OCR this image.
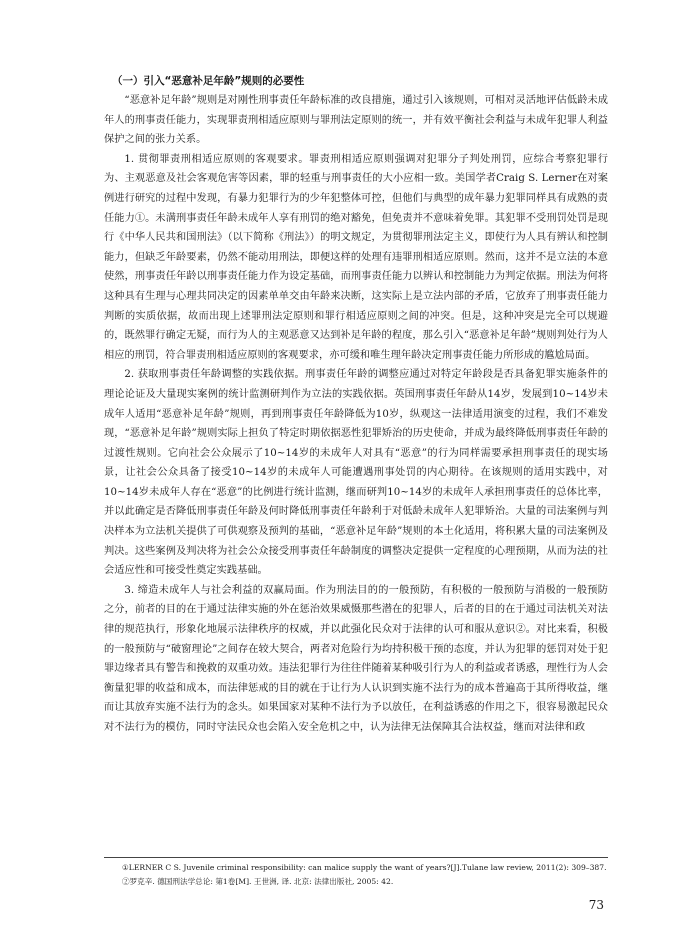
（一）引入“恶意补足年龄”规则的必要性

“恶意补足年龄”规则是对刚性刑事责任年龄标准的改良措施，通过引入该规则，可相对灵活地评估低龄未成年人的刑事责任能力，实现罪责刑相适应原则与罪刑法定原则的统一，并有效平衡社会利益与未成年犯罪人利益保护之间的张力关系。

1. 贯彻罪责刑相适应原则的客观要求。罪责刑相适应原则强调对犯罪分子判处刑罚，应综合考察犯罪行为、主观恶意及社会客观危害等因素，罪的轻重与刑事责任的大小应相一致。美国学者Craig S. Lerner在对案例进行研究的过程中发现，有暴力犯罪行为的少年犯整体可控，但他们与典型的成年暴力犯罪同样具有成熟的责任能力①。未满刑事责任年龄未成年人享有刑罚的绝对豁免，但免责并不意味着免罪。其犯罪不受刑罚处罚是现行《中华人民共和国刑法》（以下简称《刑法》）的明文规定，为贯彻罪刑法定主义，即使行为人具有辨认和控制能力，但缺乏年龄要素，仍然不能动用刑法，即便这样的处理有违罪刑相适应原则。然而，这并不是立法的本意使然，刑事责任年龄以刑事责任能力作为设定基础，而刑事责任能力以辨认和控制能力为判定依据。刑法为何将这种具有生理与心理共同决定的因素单单交由年龄来决断，这实际上是立法内部的矛盾，它放弃了刑事责任能力判断的实质依据，故而出现上述罪刑法定原则和罪行相适应原则之间的冲突。但是，这种冲突是完全可以规避的，既然罪行确定无疑，而行为人的主观恶意又达到补足年龄的程度，那么引入“恶意补足年龄”规则判处行为人相应的刑罚，符合罪责刑相适应原则的客观要求，亦可缓和唯生理年龄决定刑事责任能力所形成的尴尬局面。

2. 获取刑事责任年龄调整的实践依据。刑事责任年龄的调整应通过对特定年龄段是否具备犯罪实施条件的理论论证及大量现实案例的统计监测研判作为立法的实践依据。英国刑事责任年龄从14岁，发展到10~14岁未成年人适用“恶意补足年龄”规则，再到刑事责任年龄降低为10岁，纵观这一法律适用演变的过程，我们不难发现，“恶意补足年龄”规则实际上担负了特定时期依据恶性犯罪矫治的历史使命，并成为最终降低刑事责任年龄的过渡性规则。它向社会公众展示了10~14岁的未成年人对具有“恶意”的行为同样需要承担刑事责任的现实场景，让社会公众具备了接受10~14岁的未成年人可能遭遇刑事处罚的内心期待。在该规则的适用实践中，对10~14岁未成年人存在“恶意”的比例进行统计监测，继而研判10~14岁的未成年人承担刑事责任的总体比率，并以此确定是否降低刑事责任年龄及何时降低刑事责任年龄利于对低龄未成年人犯罪矫治。大量的司法案例与判决样本为立法机关提供了可供观察及预判的基础，“恶意补足年龄”规则的本土化适用，将积累大量的司法案例及判决。这些案例及判决将为社会公众接受刑事责任年龄制度的调整决定提供一定程度的心理预期，从而为法的社会适应性和可接受性奠定实践基础。

3. 缔造未成年人与社会利益的双赢局面。作为刑法目的的一般预防，有积极的一般预防与消极的一般预防之分，前者的目的在于通过法律实施的外在惩治效果威慑那些潜在的犯罪人，后者的目的在于通过司法机关对法律的规范执行，形象化地展示法律秩序的权威，并以此强化民众对于法律的认可和服从意识②。对比来看，积极的一般预防与“破窗理论”之间存在较大契合，两者对危险行为均持积极干预的态度，并认为犯罪的惩罚对处于犯罪边缘者具有警告和挽救的双重功效。违法犯罪行为往往伴随着某种吸引行为人的利益或者诱惑，理性行为人会衡量犯罪的收益和成本，而法律惩戒的目的就在于让行为人认识到实施不法行为的成本普遍高于其所得收益，继而让其放弃实施不法行为的念头。如果国家对某种不法行为予以放任，在利益诱惑的作用之下，很容易激起民众对不法行为的模仿，同时守法民众也会陷入安全危机之中，认为法律无法保障其合法权益，继而对法律和政

①LERNER C S. Juvenile criminal responsibility: can malice supply the want of years?[J].Tulane law review, 2011(2): 309–387.

②罗克辛. 德国刑法学总论: 第1卷[M]. 王世洲, 译. 北京: 法律出版社, 2005: 42.

73
